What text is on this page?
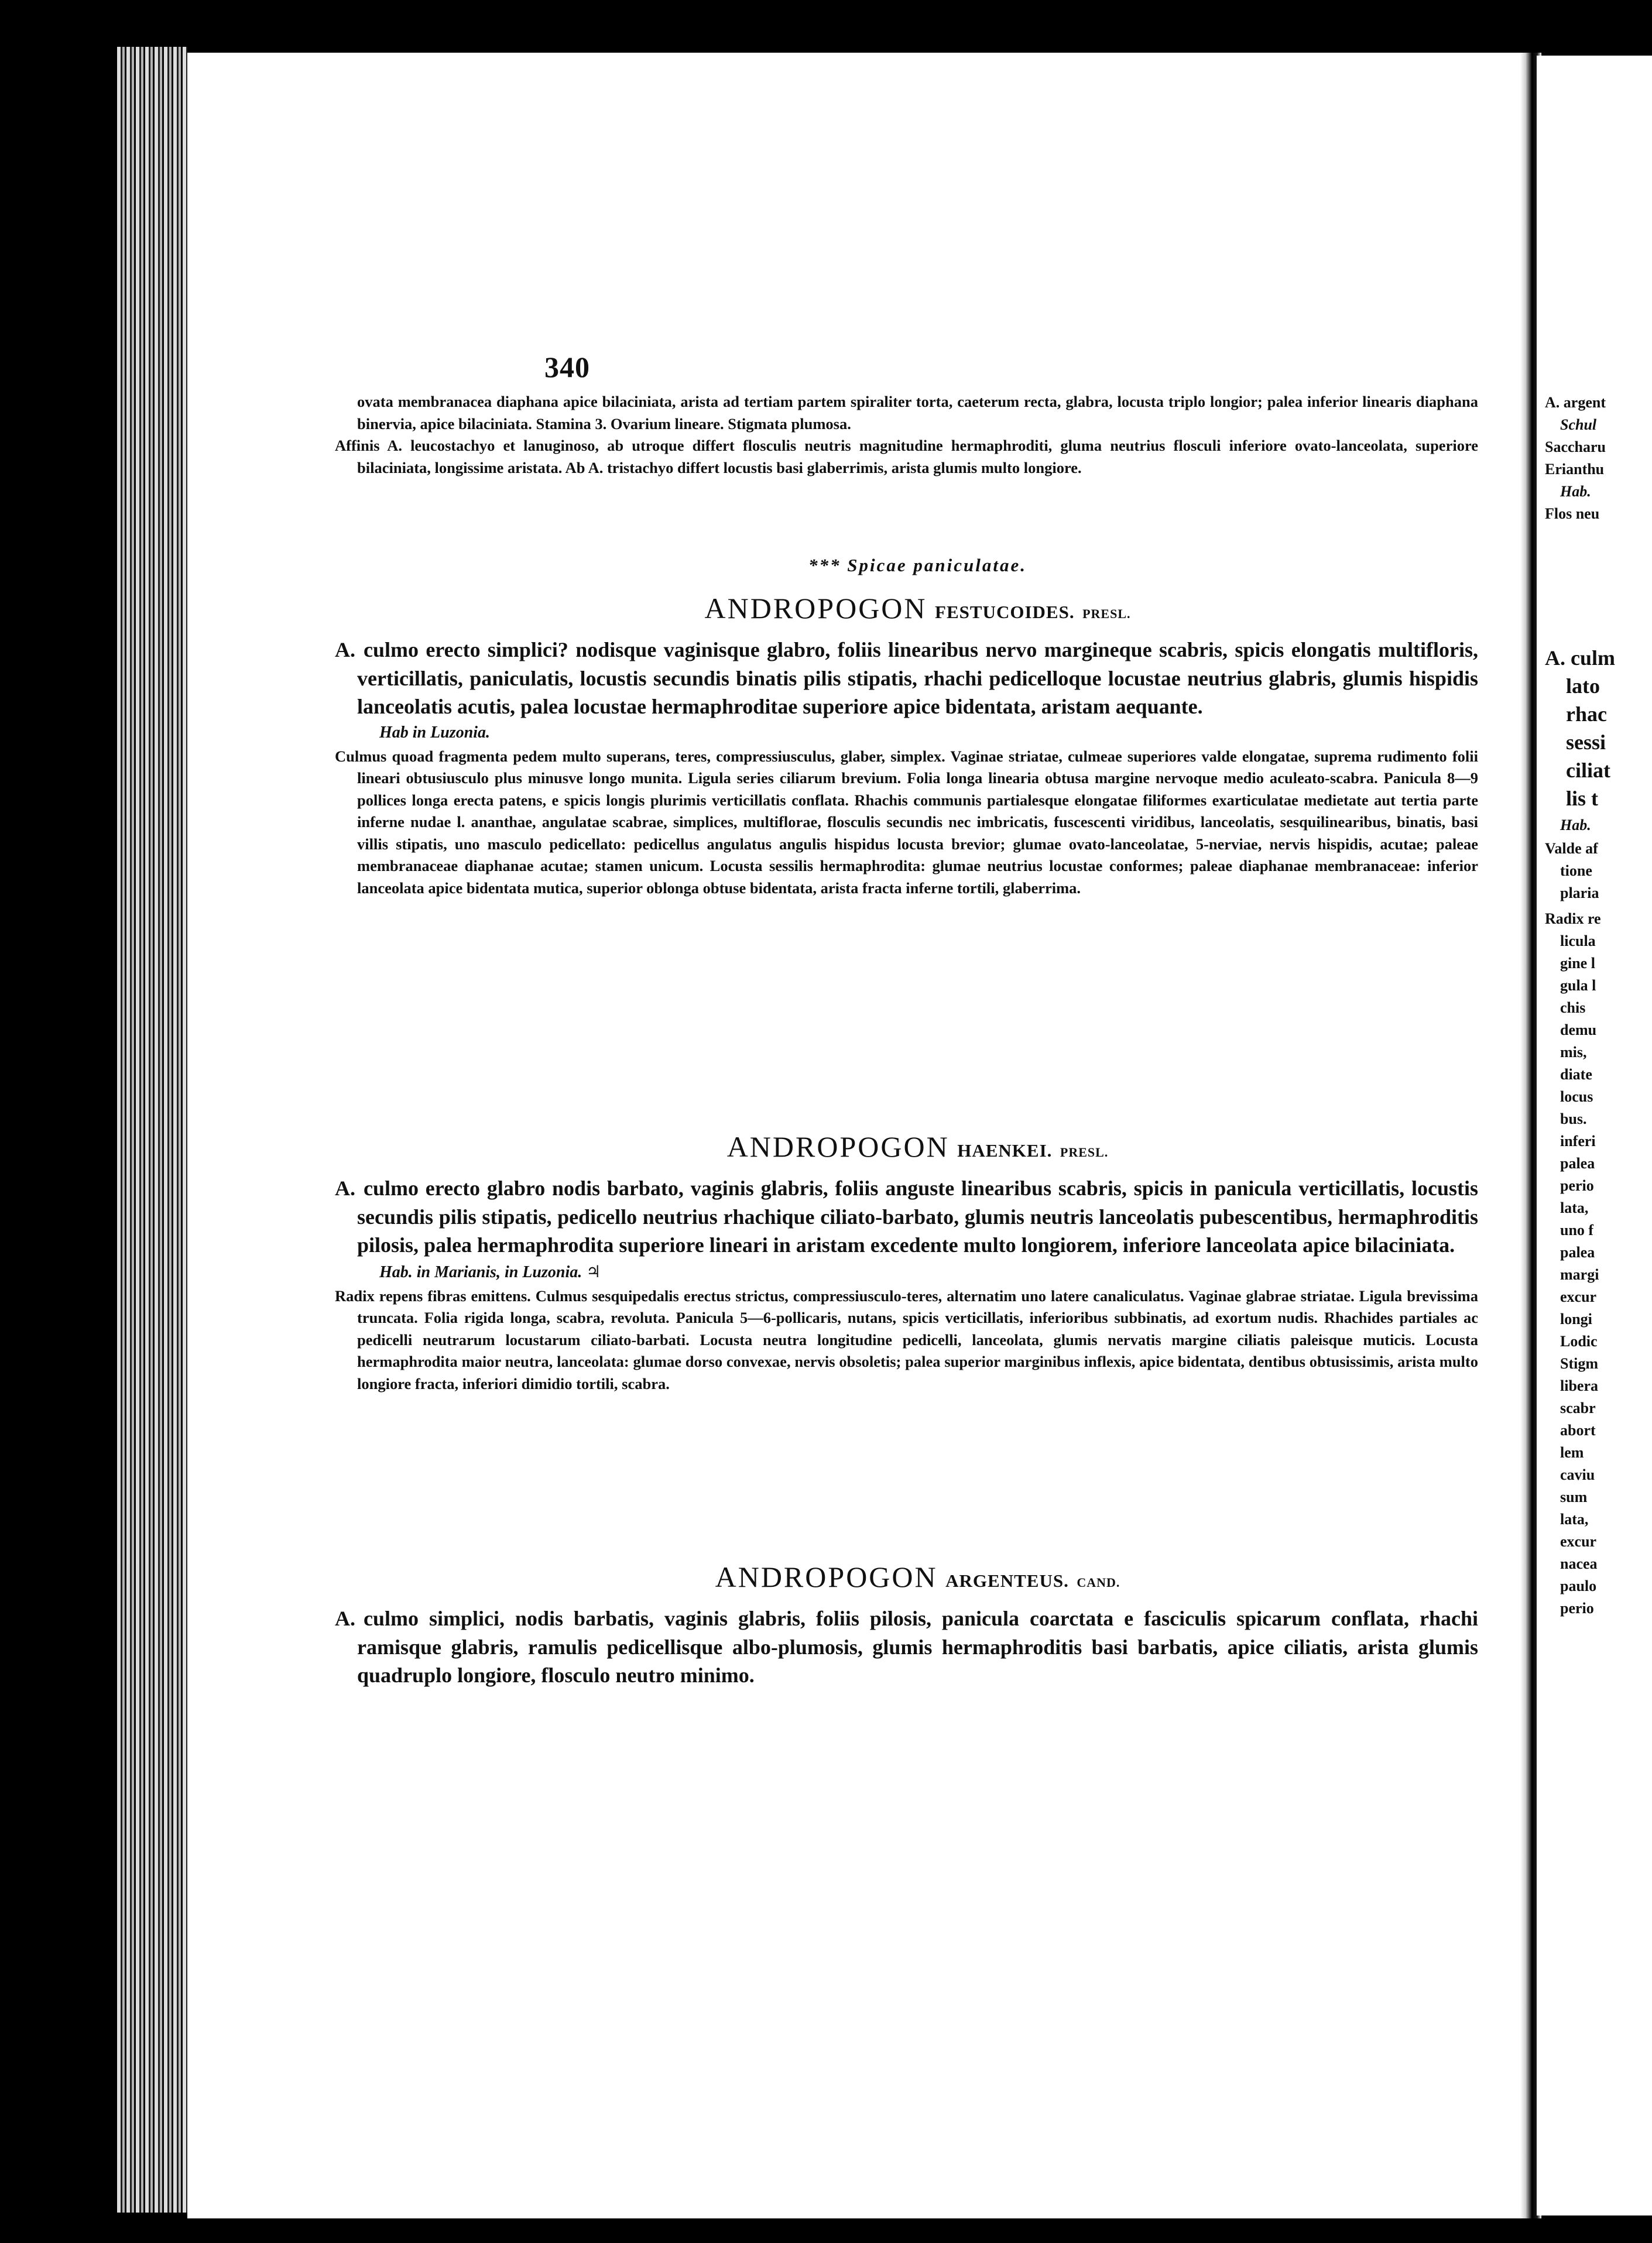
340
ovata membranacea diaphana apice bilaciniata, arista ad tertiam partem spiraliter torta, caeterum recta, glabra, locusta triplo longior; palea inferior linearis diaphana binervia, apice bilaciniata. Stamina 3. Ovarium lineare. Stigmata plumosa.
Affinis A. leucostachyo et lanuginoso, ab utroque differt flosculis neutris magnitudine hermaphroditi, gluma neutrius flosculi inferiore ovato-lanceolata, superiore bilaciniata, longissime aristata. Ab A. tristachyo differt locustis basi glaberrimis, arista glumis multo longiore.
*** Spicae paniculatae.
ANDROPOGON FESTUCOIDES. PRESL.
A. culmo erecto simplici? nodisque vaginisque glabro, foliis linearibus nervo margineque scabris, spicis elongatis multifloris, verticillatis, paniculatis, locustis secundis binatis pilis stipatis, rhachi pedicelloque locustae neutrius glabris, glumis hispidis lanceolatis acutis, palea locustae hermaphroditae superiore apice bidentata, aristam aequante.
Hab in Luzonia.
Culmus quoad fragmenta pedem multo superans, teres, compressiusculus, glaber, simplex. Vaginae striatae, culmeae superiores valde elongatae, suprema rudimento folii lineari obtusiusculo plus minusve longo munita. Ligula series ciliarum brevium. Folia longa linearia obtusa margine nervoque medio aculeato-scabra. Panicula 8—9 pollices longa erecta patens, e spicis longis plurimis verticillatis conflata. Rhachis communis partialesque elongatae filiformes exarticulatae medietate aut tertia parte inferne nudae l. ananthae, angulatae scabrae, simplices, multiflorae, flosculis secundis nec imbricatis, fuscescenti viridibus, lanceolatis, sesquilinearibus, binatis, basi villis stipatis, uno masculo pedicellato: pedicellus angulatus angulis hispidus locusta brevior; glumae ovato-lanceolatae, 5-nerviae, nervis hispidis, acutae; paleae membranaceae diaphanae acutae; stamen unicum. Locusta sessilis hermaphrodita: glumae neutrius locustae conformes; paleae diaphanae membranaceae: inferior lanceolata apice bidentata mutica, superior oblonga obtuse bidentata, arista fracta inferne tortili, glaberrima.
ANDROPOGON HAENKEI. PRESL.
A. culmo erecto glabro nodis barbato, vaginis glabris, foliis anguste linearibus scabris, spicis in panicula verticillatis, locustis secundis pilis stipatis, pedicello neutrius rhachique ciliato-barbato, glumis neutris lanceolatis pubescentibus, hermaphroditis pilosis, palea hermaphrodita superiore lineari in aristam excedente multo longiorem, inferiore lanceolata apice bilaciniata.
Hab. in Marianis, in Luzonia. ♃
Radix repens fibras emittens. Culmus sesquipedalis erectus strictus, compressiusculo-teres, alternatim uno latere canaliculatus. Vaginae glabrae striatae. Ligula brevissima truncata. Folia rigida longa, scabra, revoluta. Panicula 5—6-pollicaris, nutans, spicis verticillatis, inferioribus subbinatis, ad exortum nudis. Rhachides partiales ac pedicelli neutrarum locustarum ciliato-barbati. Locusta neutra longitudine pedicelli, lanceolata, glumis nervatis margine ciliatis paleisque muticis. Locusta hermaphrodita maior neutra, lanceolata: glumae dorso convexae, nervis obsoletis; palea superior marginibus inflexis, apice bidentata, dentibus obtusissimis, arista multo longiore fracta, inferiori dimidio tortili, scabra.
ANDROPOGON ARGENTEUS. CAND.
A. culmo simplici, nodis barbatis, vaginis glabris, foliis pilosis, panicula coarctata e fasciculis spicarum conflata, rhachi ramisque glabris, ramulis pedicellisque albo-plumosis, glumis hermaphroditis basi barbatis, apice ciliatis, arista glumis quadruplo longiore, flosculo neutro minimo.
A. argent
Schul
Saccharu
Erianthu
Hab.
Flos neu
A. culm
lato
rhac
sessi
ciliat
lis t
Hab.
Valde af
tione
plaria
Radix re
licula
gine l
gula l
chis
demu
mis,
diate
locus
bus.
inferi
palea
perio
lata,
uno f
palea
margi
excur
longi
Lodic
Stigm
libera
scabr
abort
lem
caviu
sum
lata,
excur
nacea
paulo
perio
